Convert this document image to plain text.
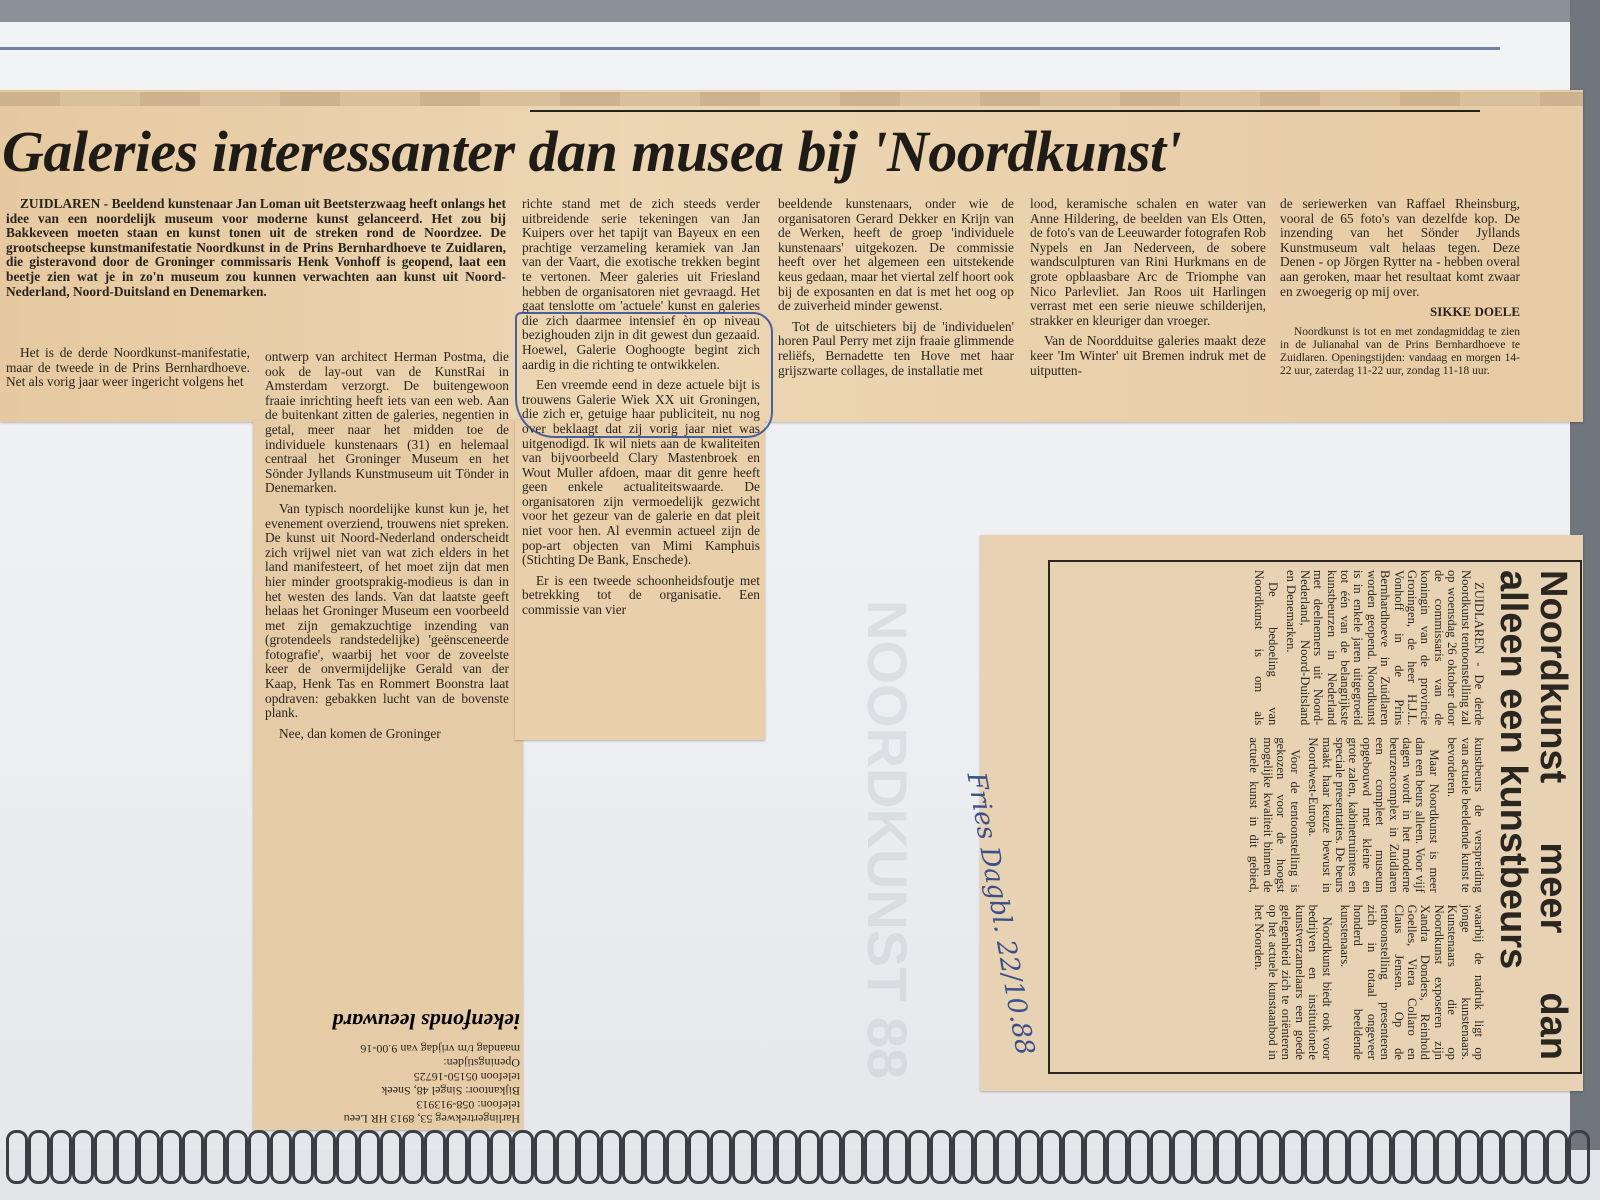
NOORDKUNST 88
Galeries interessanter dan musea bij 'Noordkunst'

ZUIDLAREN - Beeldend kunstenaar Jan Loman uit Beetsterzwaag heeft onlangs het idee van een noordelijk museum voor moderne kunst gelanceerd. Het zou bij Bakkeveen moeten staan en kunst tonen uit de streken rond de Noordzee. De grootscheepse kunstmanifestatie Noordkunst in de Prins Bernhardhoeve te Zuidlaren, die gisteravond door de Groninger commissaris Henk Vonhoff is geopend, laat een beetje zien wat je in zo'n museum zou kunnen verwachten aan kunst uit Noord-Nederland, Noord-Duitsland en Denemarken.

Het is de derde Noordkunst-manifestatie, maar de tweede in de Prins Bernhardhoeve. Net als vorig jaar weer ingericht volgens het

ontwerp van architect Herman Postma, die ook de lay-out van de KunstRai in Amsterdam verzorgt. De buitengewoon fraaie inrichting heeft iets van een web. Aan de buitenkant zitten de galeries, negentien in getal, meer naar het midden toe de individuele kunstenaars (31) en helemaal centraal het Groninger Museum en het Sönder Jyllands Kunstmuseum uit Tönder in Denemarken.

Van typisch noordelijke kunst kun je, het evenement overziend, trouwens niet spreken. De kunst uit Noord-Nederland onderscheidt zich vrijwel niet van wat zich elders in het land manifesteert, of het moet zijn dat men hier minder grootsprakig-modieus is dan in het westen des lands. Van dat laatste geeft helaas het Groninger Museum een voorbeeld met zijn gemakzuchtige inzending van (grotendeels randstedelijke) 'geënsceneerde fotografie', waarbij het voor de zoveelste keer de onvermijdelijke Gerald van der Kaap, Henk Tas en Rommert Boonstra laat opdraven: gebakken lucht van de bovenste plank.

Nee, dan komen de Groninger

richte stand met de zich steeds verder uitbreidende serie tekeningen van Jan Kuipers over het tapijt van Bayeux en een prachtige verzameling keramiek van Jan van der Vaart, die exotische trekken begint te vertonen. Meer galeries uit Friesland hebben de organisatoren niet gevraagd. Het gaat tenslotte om 'actuele' kunst en galeries die zich daarmee intensief èn op niveau bezighouden zijn in dit gewest dun gezaaid. Hoewel, Galerie Ooghoogte begint zich aardig in die richting te ontwikkelen.

Een vreemde eend in deze actuele bijt is trouwens Galerie Wiek XX uit Groningen, die zich er, getuige haar publiciteit, nu nog over beklaagt dat zij vorig jaar niet was uitgenodigd. Ik wil niets aan de kwaliteiten van bijvoorbeeld Clary Mastenbroek en Wout Muller afdoen, maar dit genre heeft geen enkele actualiteitswaarde. De organisatoren zijn vermoedelijk gezwicht voor het gezeur van de galerie en dat pleit niet voor hen. Al evenmin actueel zijn de pop-art objecten van Mimi Kamphuis (Stichting De Bank, Enschede).

Er is een tweede schoonheidsfoutje met betrekking tot de organisatie. Een commissie van vier

beeldende kunstenaars, onder wie de organisatoren Gerard Dekker en Krijn van de Werken, heeft de groep 'individuele kunstenaars' uitgekozen. De commissie heeft over het algemeen een uitstekende keus gedaan, maar het viertal zelf hoort ook bij de exposanten en dat is met het oog op de zuiverheid minder gewenst.

Tot de uitschieters bij de 'individuelen' horen Paul Perry met zijn fraaie glimmende reliëfs, Bernadette ten Hove met haar grijszwarte collages, de installatie met

lood, keramische schalen en water van Anne Hildering, de beelden van Els Otten, de foto's van de Leeuwarder fotografen Rob Nypels en Jan Nederveen, de sobere wandsculpturen van Rini Hurkmans en de grote opblaasbare Arc de Triomphe van Nico Parlevliet. Jan Roos uit Harlingen verrast met een serie nieuwe schilderijen, strakker en kleuriger dan vroeger.

Van de Noordduitse galeries maakt deze keer 'Im Winter' uit Bremen indruk met de uitputten-

de seriewerken van Raffael Rheinsburg, vooral de 65 foto's van dezelfde kop. De inzending van het Sönder Jyllands Kunstmuseum valt helaas tegen. Deze Denen - op Jörgen Rytter na - hebben overal aan geroken, maar het resultaat komt zwaar en zwoegerig op mij over.

SIKKE DOELE

Noordkunst is tot en met zondagmiddag te zien in de Julianahal van de Prins Bernhardhoeve te Zuidlaren. Openingstijden: vandaag en morgen 14-22 uur, zaterdag 11-22 uur, zondag 11-18 uur.

Harlingertrekweg 53, 8913 HR Leeu
telefoon: 058-913913
Bijkantoor: Singel 48, Sneek
telefoon 05150-16725
Openingstijden:
maandag t/m vrijdag van 9.00-16
iekenfonds leeuward	Noordkunst meer dan alleen een kunstbeurs

ZUIDLAREN - De derde Noordkunst tentoonstelling zal op woensdag 26 oktober door de commissaris van de koningin van de provincie Groningen, de heer H.J.L. Vonhoff in de Prins Bernhardhoeve in Zuidlaren worden geopend. Noordkunst is in enkele jaren uitgegroeid tot één van de belangrijkste kunstbeurzen in Nederland met deelnemers uit Noord-Nederland, Noord-Duitsland en Denemarken.

De bedoeling van Noordkunst is om als kunstbeurs de verspreiding van actuele beeldende kunst te bevorderen.

Maar Noordkunst is meer dan een beurs alleen. Voor vijf dagen wordt in het moderne beurzencomplex in Zuidlaren een compleet museum opgebouwd met kleine en grote zalen, kabinetruimtes en speciale presentaties. De beurs maakt haar keuze bewust in Noordwest-Europa.

Voor de tentoonstelling is gekozen voor de hoogst mogelijke kwaliteit binnen de actuele kunst in dit gebied, waarbij de nadruk ligt op jonge kunstenaars. Kunstenaars die op Noordkunst exposeren zijn Xandra Donders, Reinhold Goelles, Viera Collaro en Claus Jensen. Op de tentoonstelling presenteren zich in totaal ongeveer honderd beeldende kunstenaars.

Noordkunst biedt ook voor bedrijven en institutionele kunstverzamelaars een goede gelegenheid zich te oriënteren op het actuele kunstaanbod in het Noorden.

Fries Dagbl. 22/10.88
